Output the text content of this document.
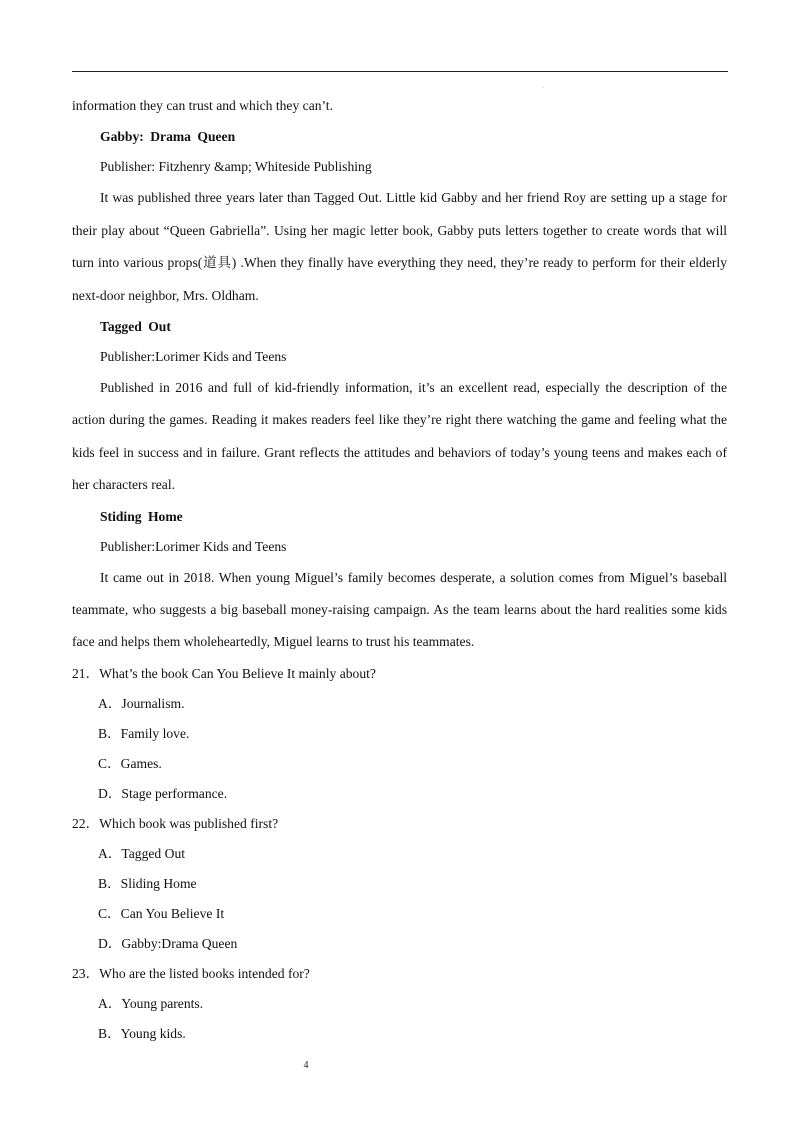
.

information they can trust and which they can’t.

Gabby: Drama Queen

Publisher: Fitzhenry &amp; Whiteside Publishing

It was published three years later than Tagged Out. Little kid Gabby and her friend Roy are setting up a stage for their play about “Queen Gabriella”. Using her magic letter book, Gabby puts letters together to create words that will turn into various props(道具) .When they finally have everything they need, they’re ready to perform for their elderly next-door neighbor, Mrs. Oldham.

Tagged Out

Publisher:Lorimer Kids and Teens

Published in 2016 and full of kid-friendly information, it’s an excellent read, especially the description of the action during the games. Reading it makes readers feel like they’re right there watching the game and feeling what the kids feel in success and in failure. Grant reflects the attitudes and behaviors of today’s young teens and makes each of her characters real.

Stiding Home

Publisher:Lorimer Kids and Teens

It came out in 2018. When young Miguel’s family becomes desperate, a solution comes from Miguel’s baseball teammate, who suggests a big baseball money-raising campaign. As the team learns about the hard realities some kids face and helps them wholeheartedly, Miguel learns to trust his teammates.

21．What’s the book Can You Believe It mainly about?

A．Journalism.

B．Family love.

C．Games.

D．Stage performance.

22．Which book was published first?

A．Tagged Out

B．Sliding Home

C．Can You Believe It

D．Gabby:Drama Queen

23．Who are the listed books intended for?

A．Young parents.

B．Young kids.

4
